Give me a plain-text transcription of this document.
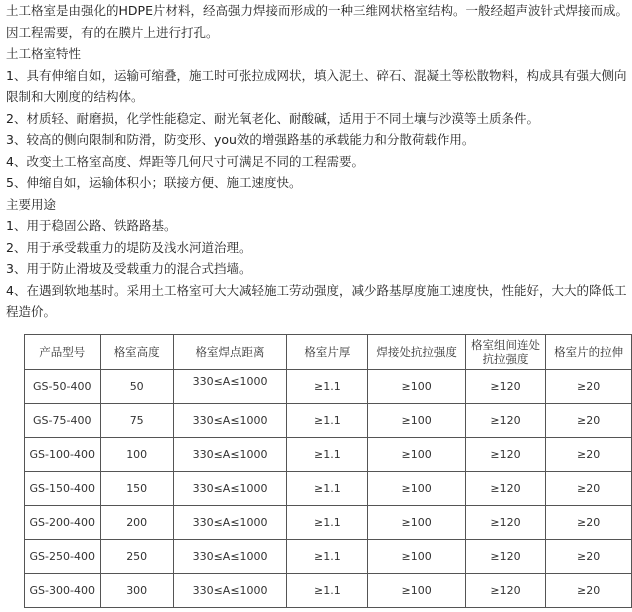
土工格室是由强化的HDPE片材料，经高强力焊接而形成的一种三维网状格室结构。一般经超声波针式焊接而成。因工程需要，有的在膜片上进行打孔。

土工格室特性

1、具有伸缩自如，运输可缩叠，施工时可张拉成网状，填入泥土、碎石、混凝土等松散物料，构成具有强大侧向限制和大刚度的结构体。

2、材质轻、耐磨损，化学性能稳定、耐光氧老化、耐酸碱，适用于不同土壤与沙漠等土质条件。

3、较高的侧向限制和防滑，防变形、you效的增强路基的承载能力和分散荷载作用。

4、改变土工格室高度、焊距等几何尺寸可满足不同的工程需要。

5、伸缩自如，运输体积小；联接方便、施工速度快。

主要用途

1、用于稳固公路、铁路路基。

2、用于承受载重力的堤防及浅水河道治理。

3、用于防止滑坡及受载重力的混合式挡墙。

4、在遇到软地基时。采用土工格室可大大减轻施工劳动强度，减少路基厚度施工速度快，性能好，大大的降低工程造价。

产品型号	格室高度	格室焊点距离	格室片厚	焊接处抗拉强度	格室组间连处抗拉强度	格室片的拉伸
GS-50-400	50	330≤A≤1000	≥1.1	≥100	≥120	≥20
GS-75-400	75	330≤A≤1000	≥1.1	≥100	≥120	≥20
GS-100-400	100	330≤A≤1000	≥1.1	≥100	≥120	≥20
GS-150-400	150	330≤A≤1000	≥1.1	≥100	≥120	≥20
GS-200-400	200	330≤A≤1000	≥1.1	≥100	≥120	≥20
GS-250-400	250	330≤A≤1000	≥1.1	≥100	≥120	≥20
GS-300-400	300	330≤A≤1000	≥1.1	≥100	≥120	≥20
